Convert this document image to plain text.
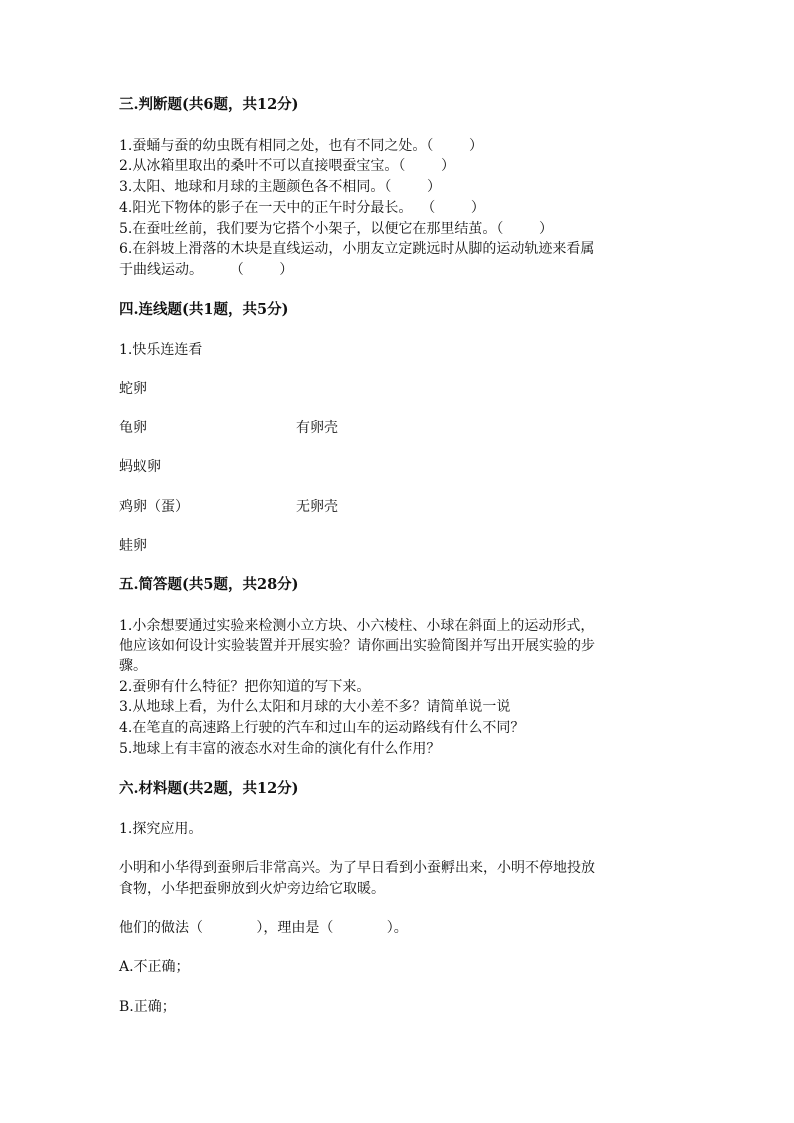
三.判断题(共6题，共12分)

1.蚕蛹与蚕的幼虫既有相同之处，也有不同之处。（        ）

2.从冰箱里取出的桑叶不可以直接喂蚕宝宝。（        ）

3.太阳、地球和月球的主题颜色各不相同。（        ）

4.阳光下物体的影子在一天中的正午时分最长。  （        ）

5.在蚕吐丝前，我们要为它搭个小架子，以便它在那里结茧。（        ）

6.在斜坡上滑落的木块是直线运动，小朋友立定跳远时从脚的运动轨迹来看属

于曲线运动。      （        ）

四.连线题(共1题，共5分)

1.快乐连连看

蛇卵

龟卵	有卵壳

蚂蚁卵

鸡卵（蛋）	无卵壳

蛙卵

五.简答题(共5题，共28分)

1.小余想要通过实验来检测小立方块、小六棱柱、小球在斜面上的运动形式，

他应该如何设计实验装置并开展实验？请你画出实验简图并写出开展实验的步

骤。

2.蚕卵有什么特征？把你知道的写下来。

3.从地球上看，为什么太阳和月球的大小差不多？请简单说一说

4.在笔直的高速路上行驶的汽车和过山车的运动路线有什么不同？

5.地球上有丰富的液态水对生命的演化有什么作用？

六.材料题(共2题，共12分)

1.探究应用。

小明和小华得到蚕卵后非常高兴。为了早日看到小蚕孵出来，小明不停地投放

食物，小华把蚕卵放到火炉旁边给它取暖。

他们的做法（            ），理由是（            ）。

A.不正确；

B.正确；
